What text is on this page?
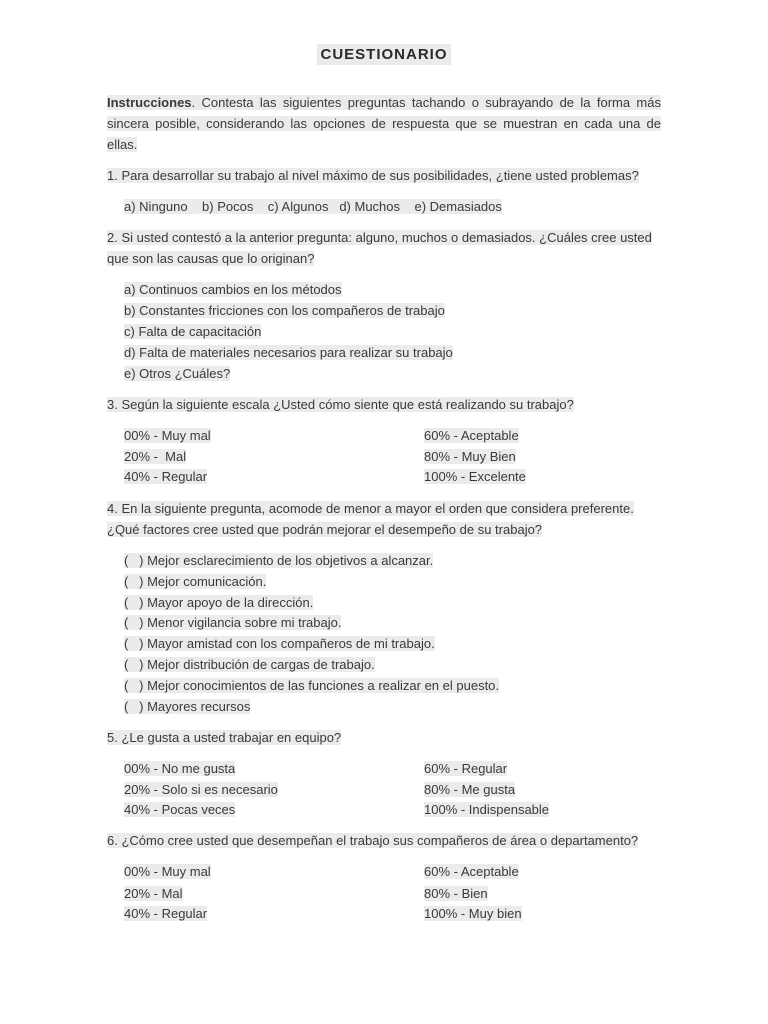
CUESTIONARIO
Instrucciones. Contesta las siguientes preguntas tachando o subrayando de la forma más sincera posible, considerando las opciones de respuesta que se muestran en cada una de ellas.
1. Para desarrollar su trabajo al nivel máximo de sus posibilidades, ¿tiene usted problemas?
a) Ninguno    b) Pocos    c) Algunos   d) Muchos    e) Demasiados
2. Si usted contestó a la anterior pregunta: alguno, muchos o demasiados. ¿Cuáles cree usted que son las causas que lo originan?
a) Continuos cambios en los métodos
b) Constantes fricciones con los compañeros de trabajo
c) Falta de capacitación
d) Falta de materiales necesarios para realizar su trabajo
e) Otros ¿Cuáles?
3. Según la siguiente escala ¿Usted cómo siente que está realizando su trabajo?
00% - Muy mal
20% -  Mal
40% - Regular
60% - Aceptable
80% - Muy Bien
100% - Excelente
4. En la siguiente pregunta, acomode de menor a mayor el orden que considera preferente. ¿Qué factores cree usted que podrán mejorar el desempeño de su trabajo?
(   ) Mejor esclarecimiento de los objetivos a alcanzar.
(   ) Mejor comunicación.
(   ) Mayor apoyo de la dirección.
(   ) Menor vigilancia sobre mi trabajo.
(   ) Mayor amistad con los compañeros de mi trabajo.
(   ) Mejor distribución de cargas de trabajo.
(   ) Mejor conocimientos de las funciones a realizar en el puesto.
(   ) Mayores recursos
5. ¿Le gusta a usted trabajar en equipo?
00% - No me gusta
20% - Solo si es necesario
40% - Pocas veces
60% - Regular
80% - Me gusta
100% - Indispensable
6. ¿Cómo cree usted que desempeñan el trabajo sus compañeros de área o departamento?
00% - Muy mal
20% - Mal
40% - Regular
60% - Aceptable
80% - Bien
100% - Muy bien
